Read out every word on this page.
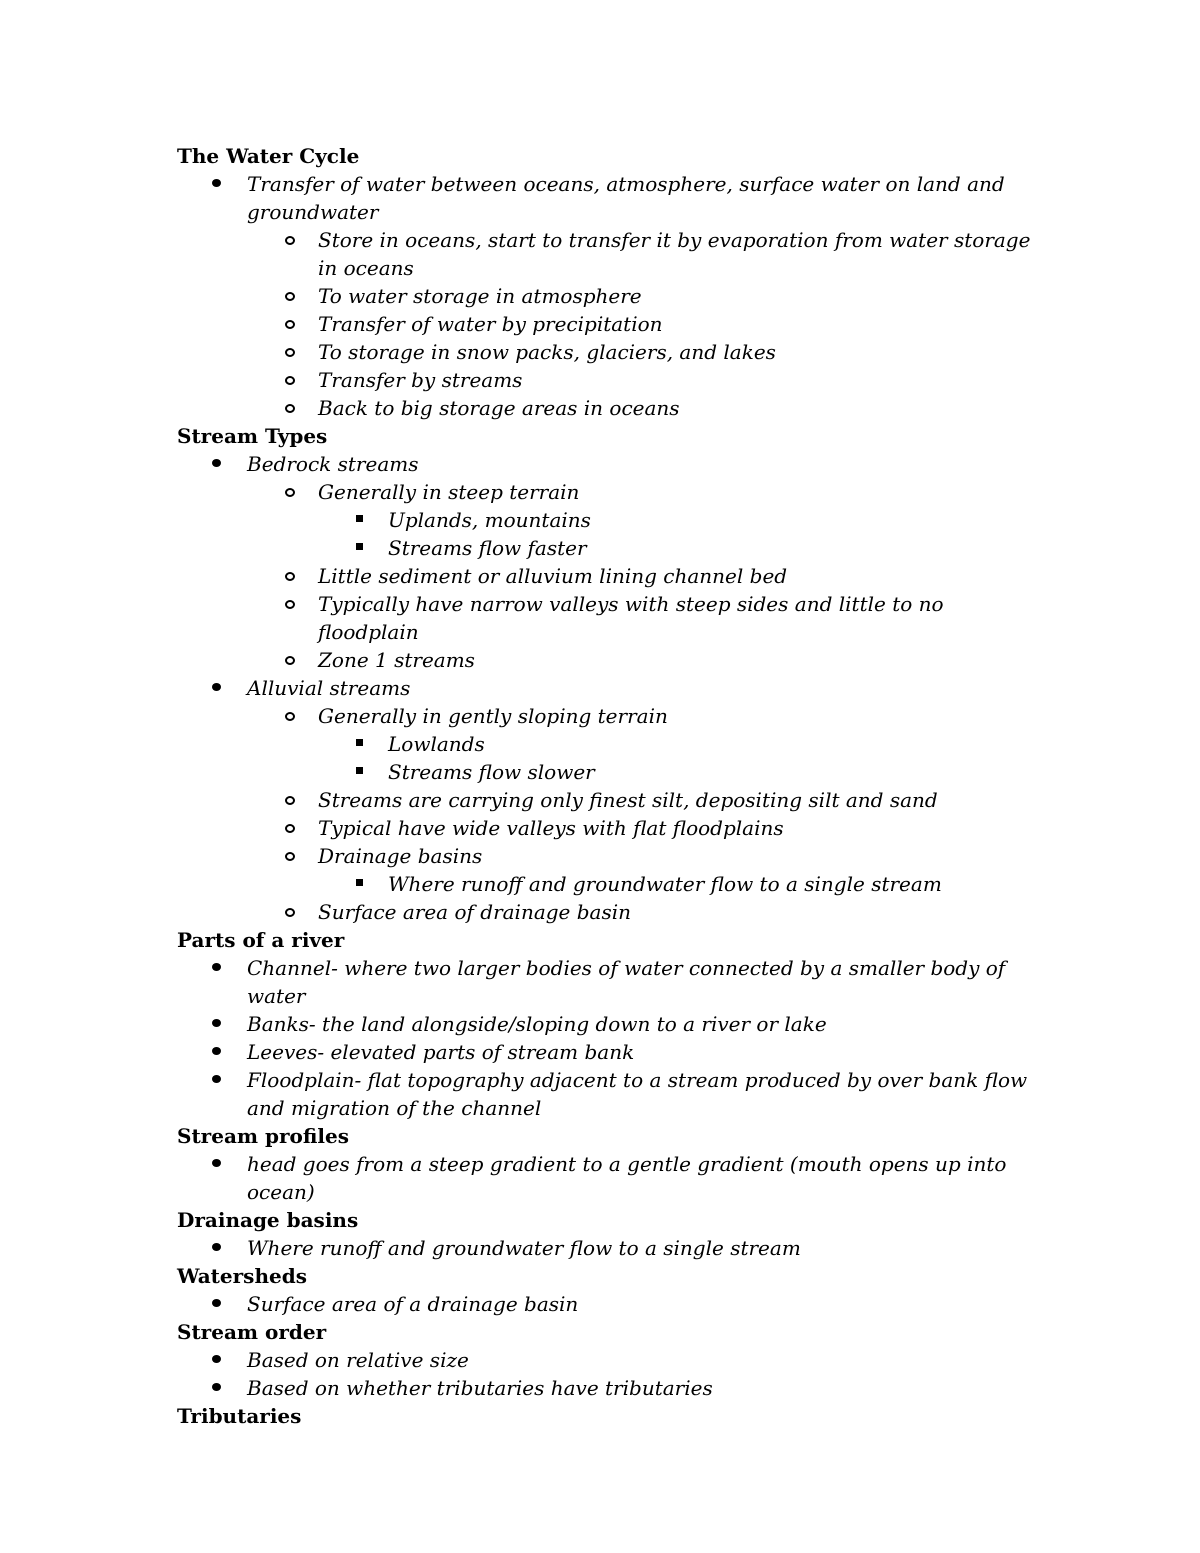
The Water Cycle
Transfer of water between oceans, atmosphere, surface water on land and groundwater
Store in oceans, start to transfer it by evaporation from water storage in oceans
To water storage in atmosphere
Transfer of water by precipitation
To storage in snow packs, glaciers, and lakes
Transfer by streams
Back to big storage areas in oceans
Stream Types
Bedrock streams
Generally in steep terrain
Uplands, mountains
Streams flow faster
Little sediment or alluvium lining channel bed
Typically have narrow valleys with steep sides and little to no floodplain
Zone 1 streams
Alluvial streams
Generally in gently sloping terrain
Lowlands
Streams flow slower
Streams are carrying only finest silt, depositing silt and sand
Typical have wide valleys with flat floodplains
Drainage basins
Where runoff and groundwater flow to a single stream
Surface area of drainage basin
Parts of a river
Channel- where two larger bodies of water connected by a smaller body of water
Banks- the land alongside/sloping down to a river or lake
Leeves- elevated parts of stream bank
Floodplain- flat topography adjacent to a stream produced by over bank flow and migration of the channel
Stream profiles
head goes from a steep gradient to a gentle gradient (mouth opens up into ocean)
Drainage basins
Where runoff and groundwater flow to a single stream
Watersheds
Surface area of a drainage basin
Stream order
Based on relative size
Based on whether tributaries have tributaries
Tributaries
